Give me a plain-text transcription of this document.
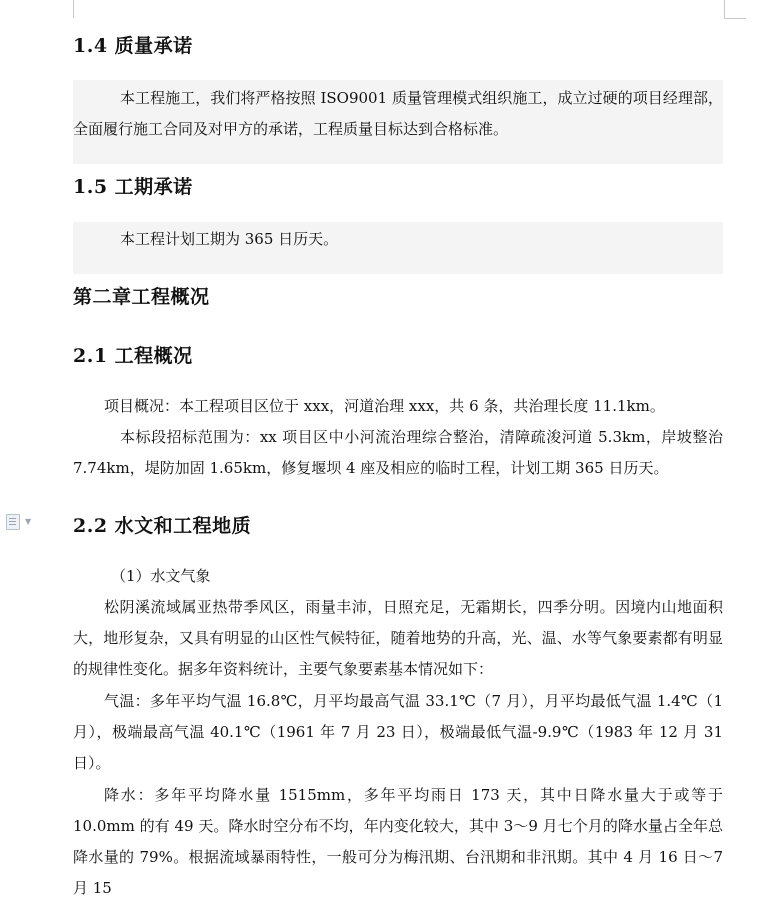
▼
1.4 质量承诺

本工程施工，我们将严格按照 ISO9001 质量管理模式组织施工，成立过硬的项目经理部，全面履行施工合同及对甲方的承诺，工程质量目标达到合格标准。

1.5 工期承诺

本工程计划工期为 365 日历天。

第二章工程概况
2.1 工程概况

项目概况：本工程项目区位于 xxx，河道治理 xxx，共 6 条，共治理长度 11.1km。

本标段招标范围为：xx 项目区中小河流治理综合整治，清障疏浚河道 5.3km，岸坡整治 7.74km，堤防加固 1.65km，修复堰坝 4 座及相应的临时工程，计划工期 365 日历天。

2.2 水文和工程地质

（1）水文气象

松阴溪流域属亚热带季风区，雨量丰沛，日照充足，无霜期长，四季分明。因境内山地面积大，地形复杂，又具有明显的山区性气候特征，随着地势的升高，光、温、水等气象要素都有明显的规律性变化。据多年资料统计，主要气象要素基本情况如下：

气温：多年平均气温 16.8℃，月平均最高气温 33.1℃（7 月），月平均最低气温 1.4℃（1 月），极端最高气温 40.1℃（1961 年 7 月 23 日），极端最低气温-9.9℃（1983 年 12 月 31 日）。

降水：多年平均降水量 1515mm，多年平均雨日 173 天，其中日降水量大于或等于 10.0mm 的有 49 天。降水时空分布不均，年内变化较大，其中 3～9 月七个月的降水量占全年总降水量的 79%。根据流域暴雨特性，一般可分为梅汛期、台汛期和非汛期。其中 4 月 16 日～7 月 15
